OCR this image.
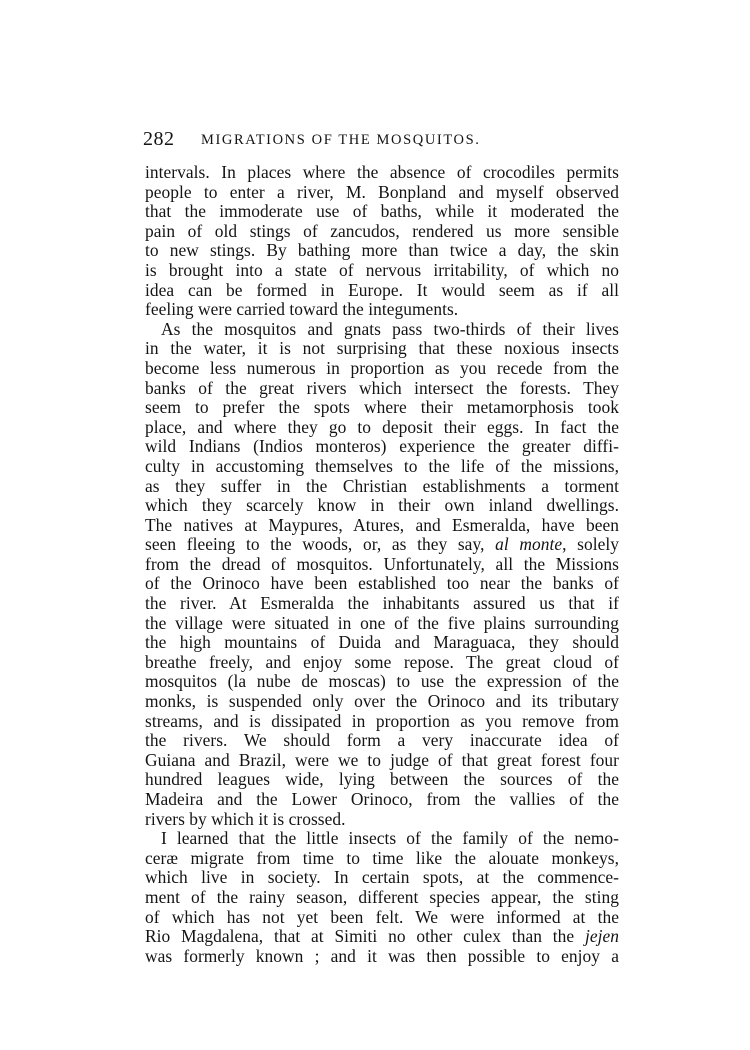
282 MIGRATIONS OF THE MOSQUITOS.
intervals. In places where the absence of crocodiles permits
people to enter a river, M. Bonpland and myself observed
that the immoderate use of baths, while it moderated the
pain of old stings of zancudos, rendered us more sensible
to new stings. By bathing more than twice a day, the skin
is brought into a state of nervous irritability, of which no
idea can be formed in Europe. It would seem as if all
feeling were carried toward the integuments.
As the mosquitos and gnats pass two-thirds of their lives
in the water, it is not surprising that these noxious insects
become less numerous in proportion as you recede from the
banks of the great rivers which intersect the forests. They
seem to prefer the spots where their metamorphosis took
place, and where they go to deposit their eggs. In fact the
wild Indians (Indios monteros) experience the greater diffi-
culty in accustoming themselves to the life of the missions,
as they suffer in the Christian establishments a torment
which they scarcely know in their own inland dwellings.
The natives at Maypures, Atures, and Esmeralda, have been
seen fleeing to the woods, or, as they say, al monte, solely
from the dread of mosquitos. Unfortunately, all the Missions
of the Orinoco have been established too near the banks of
the river. At Esmeralda the inhabitants assured us that if
the village were situated in one of the five plains surrounding
the high mountains of Duida and Maraguaca, they should
breathe freely, and enjoy some repose. The great cloud of
mosquitos (la nube de moscas) to use the expression of the
monks, is suspended only over the Orinoco and its tributary
streams, and is dissipated in proportion as you remove from
the rivers. We should form a very inaccurate idea of
Guiana and Brazil, were we to judge of that great forest four
hundred leagues wide, lying between the sources of the
Madeira and the Lower Orinoco, from the vallies of the
rivers by which it is crossed.
I learned that the little insects of the family of the nemo-
ceræ migrate from time to time like the alouate monkeys,
which live in society. In certain spots, at the commence-
ment of the rainy season, different species appear, the sting
of which has not yet been felt. We were informed at the
Rio Magdalena, that at Simiti no other culex than the jejen
was formerly known ; and it was then possible to enjoy a
